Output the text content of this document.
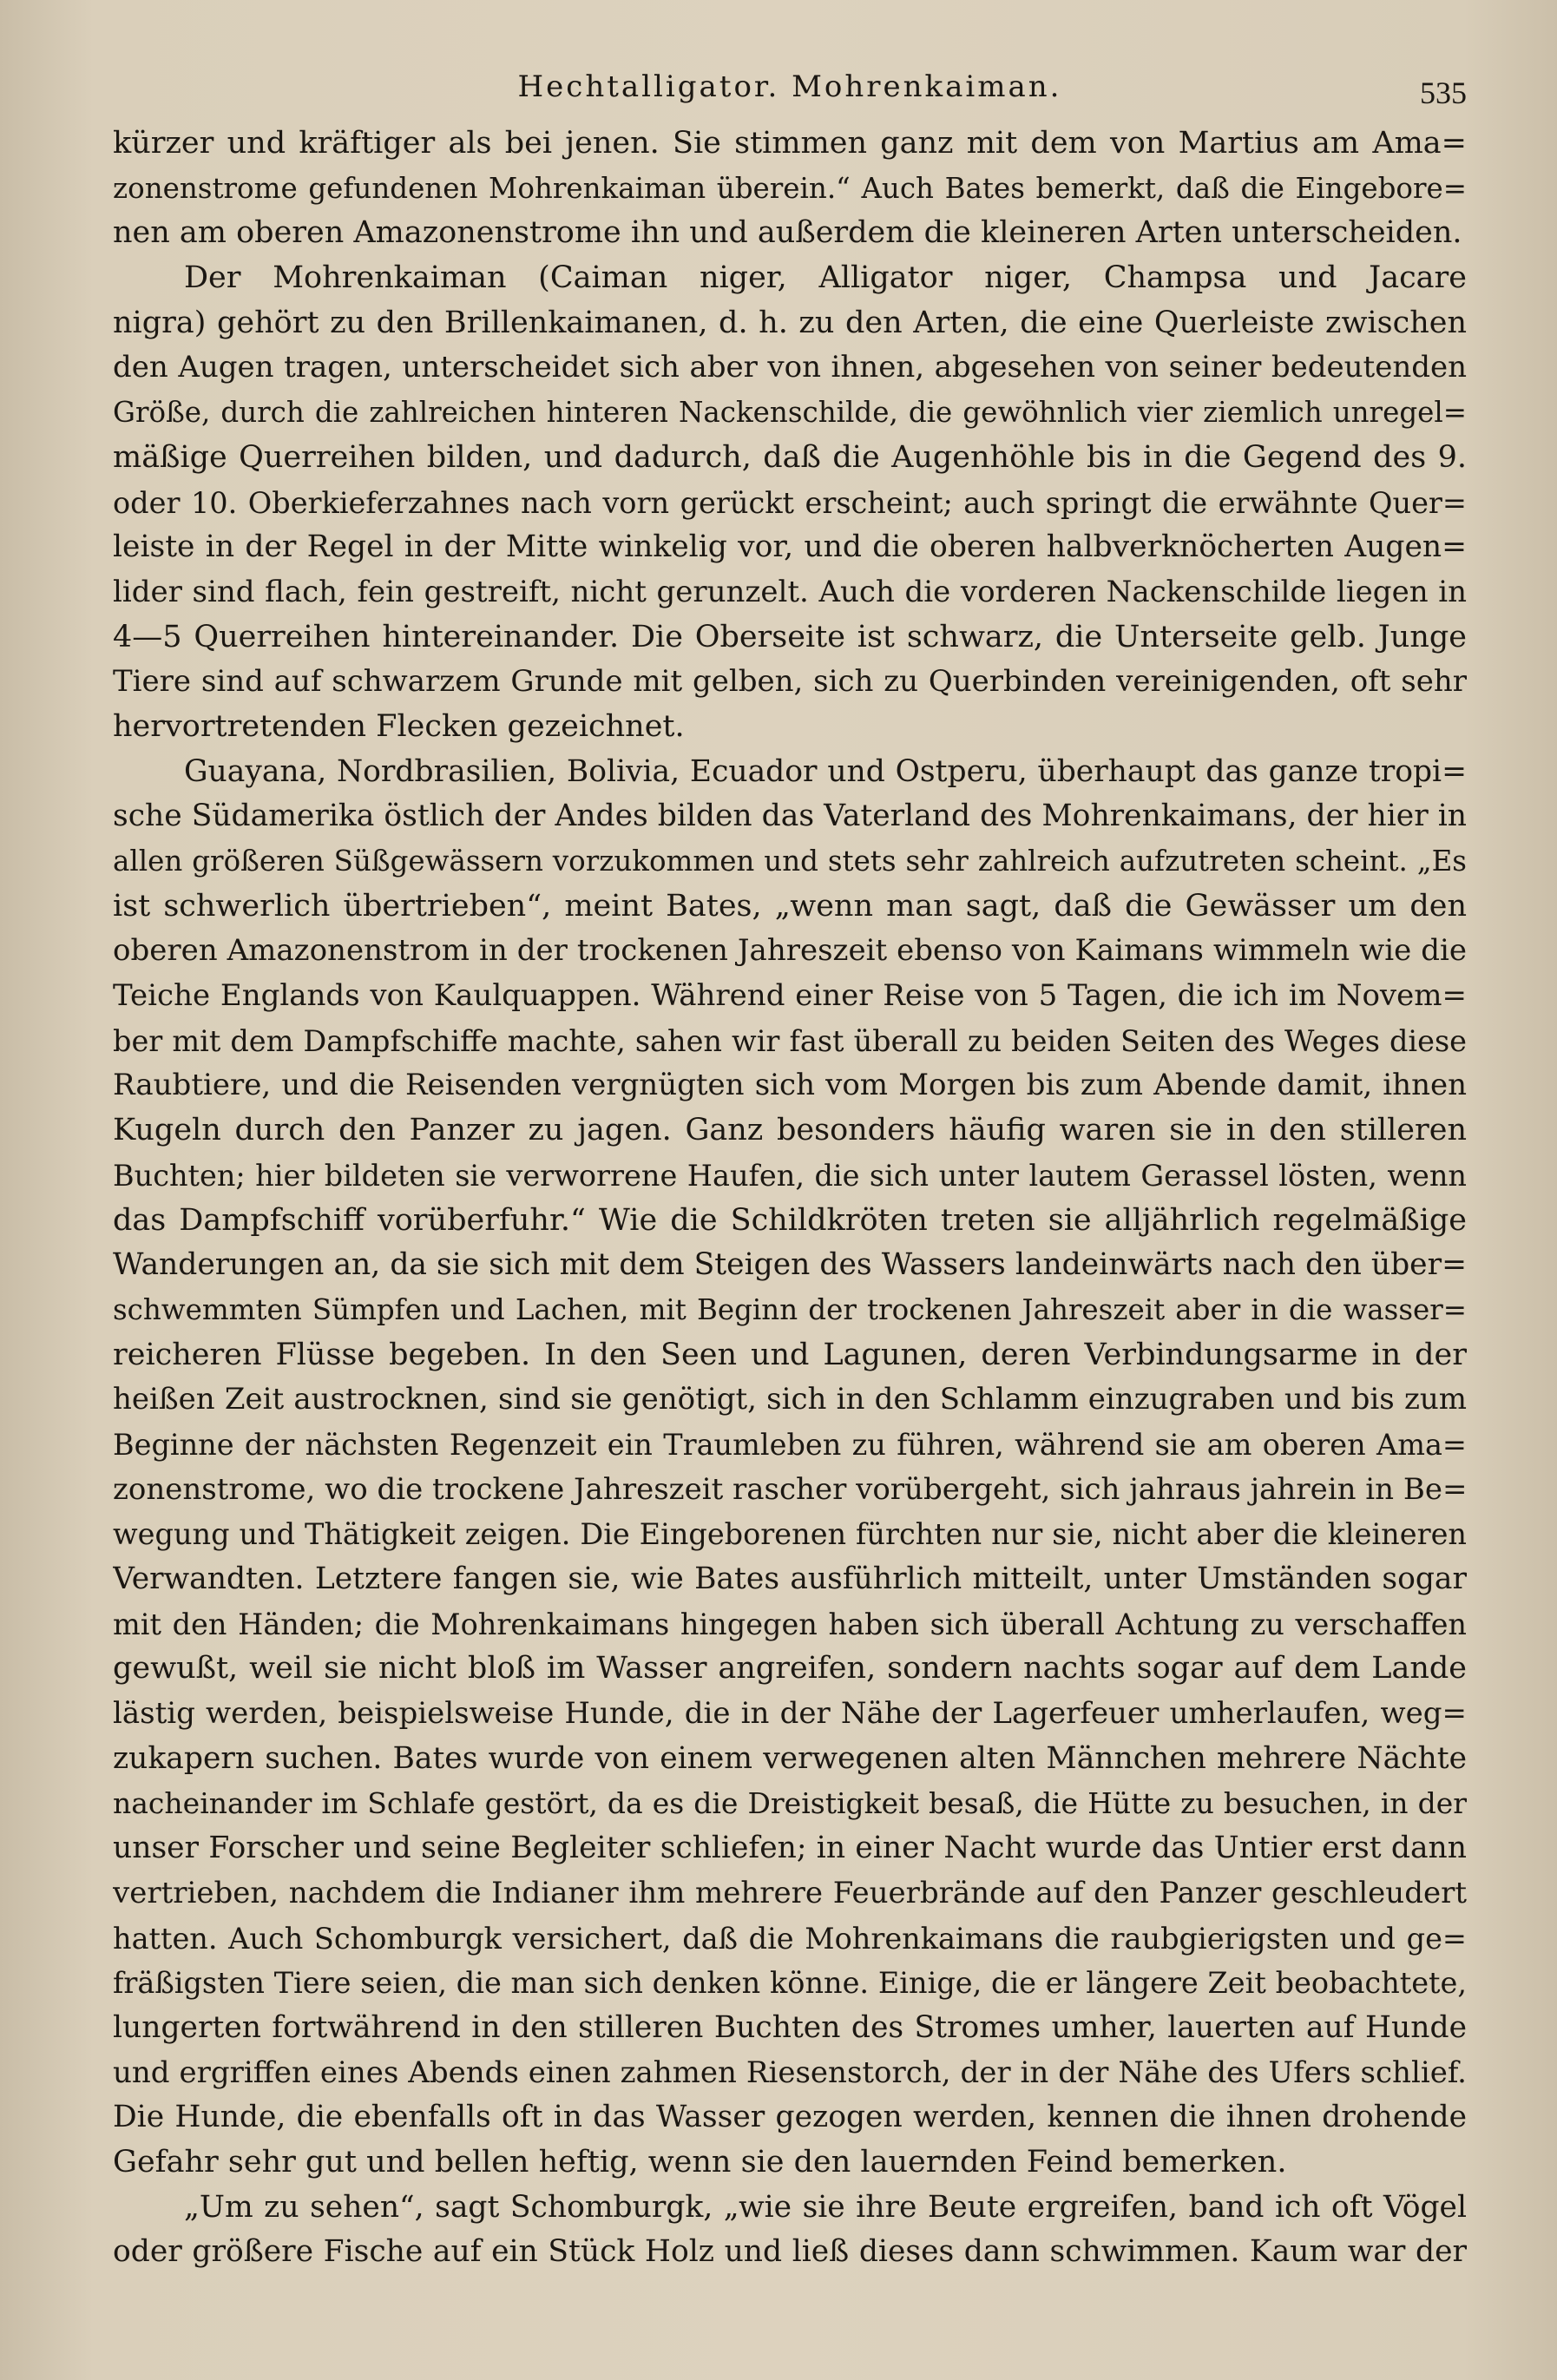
Hechtalligator. Mohrenkaiman.	535
kürzer und kräftiger als bei jenen. Sie stimmen ganz mit dem von Martius am Ama=
zonenstrome gefundenen Mohrenkaiman überein.“ Auch Bates bemerkt, daß die Eingebore=
nen am oberen Amazonenstrome ihn und außerdem die kleineren Arten unterscheiden.
Der Mohrenkaiman (Caiman niger, Alligator niger, Champsa und Jacare
nigra) gehört zu den Brillenkaimanen, d. h. zu den Arten, die eine Querleiste zwischen
den Augen tragen, unterscheidet sich aber von ihnen, abgesehen von seiner bedeutenden
Größe, durch die zahlreichen hinteren Nackenschilde, die gewöhnlich vier ziemlich unregel=
mäßige Querreihen bilden, und dadurch, daß die Augenhöhle bis in die Gegend des 9.
oder 10. Oberkieferzahnes nach vorn gerückt erscheint; auch springt die erwähnte Quer=
leiste in der Regel in der Mitte winkelig vor, und die oberen halbverknöcherten Augen=
lider sind flach, fein gestreift, nicht gerunzelt. Auch die vorderen Nackenschilde liegen in
4—5 Querreihen hintereinander. Die Oberseite ist schwarz, die Unterseite gelb. Junge
Tiere sind auf schwarzem Grunde mit gelben, sich zu Querbinden vereinigenden, oft sehr
hervortretenden Flecken gezeichnet.
Guayana, Nordbrasilien, Bolivia, Ecuador und Ostperu, überhaupt das ganze tropi=
sche Südamerika östlich der Andes bilden das Vaterland des Mohrenkaimans, der hier in
allen größeren Süßgewässern vorzukommen und stets sehr zahlreich aufzutreten scheint. „Es
ist schwerlich übertrieben“, meint Bates, „wenn man sagt, daß die Gewässer um den
oberen Amazonenstrom in der trockenen Jahreszeit ebenso von Kaimans wimmeln wie die
Teiche Englands von Kaulquappen. Während einer Reise von 5 Tagen, die ich im Novem=
ber mit dem Dampfschiffe machte, sahen wir fast überall zu beiden Seiten des Weges diese
Raubtiere, und die Reisenden vergnügten sich vom Morgen bis zum Abende damit, ihnen
Kugeln durch den Panzer zu jagen. Ganz besonders häufig waren sie in den stilleren
Buchten; hier bildeten sie verworrene Haufen, die sich unter lautem Gerassel lösten, wenn
das Dampfschiff vorüberfuhr.“ Wie die Schildkröten treten sie alljährlich regelmäßige
Wanderungen an, da sie sich mit dem Steigen des Wassers landeinwärts nach den über=
schwemmten Sümpfen und Lachen, mit Beginn der trockenen Jahreszeit aber in die wasser=
reicheren Flüsse begeben. In den Seen und Lagunen, deren Verbindungsarme in der
heißen Zeit austrocknen, sind sie genötigt, sich in den Schlamm einzugraben und bis zum
Beginne der nächsten Regenzeit ein Traumleben zu führen, während sie am oberen Ama=
zonenstrome, wo die trockene Jahreszeit rascher vorübergeht, sich jahraus jahrein in Be=
wegung und Thätigkeit zeigen. Die Eingeborenen fürchten nur sie, nicht aber die kleineren
Verwandten. Letztere fangen sie, wie Bates ausführlich mitteilt, unter Umständen sogar
mit den Händen; die Mohrenkaimans hingegen haben sich überall Achtung zu verschaffen
gewußt, weil sie nicht bloß im Wasser angreifen, sondern nachts sogar auf dem Lande
lästig werden, beispielsweise Hunde, die in der Nähe der Lagerfeuer umherlaufen, weg=
zukapern suchen. Bates wurde von einem verwegenen alten Männchen mehrere Nächte
nacheinander im Schlafe gestört, da es die Dreistigkeit besaß, die Hütte zu besuchen, in der
unser Forscher und seine Begleiter schliefen; in einer Nacht wurde das Untier erst dann
vertrieben, nachdem die Indianer ihm mehrere Feuerbrände auf den Panzer geschleudert
hatten. Auch Schomburgk versichert, daß die Mohrenkaimans die raubgierigsten und ge=
fräßigsten Tiere seien, die man sich denken könne. Einige, die er längere Zeit beobachtete,
lungerten fortwährend in den stilleren Buchten des Stromes umher, lauerten auf Hunde
und ergriffen eines Abends einen zahmen Riesenstorch, der in der Nähe des Ufers schlief.
Die Hunde, die ebenfalls oft in das Wasser gezogen werden, kennen die ihnen drohende
Gefahr sehr gut und bellen heftig, wenn sie den lauernden Feind bemerken.
„Um zu sehen“, sagt Schomburgk, „wie sie ihre Beute ergreifen, band ich oft Vögel
oder größere Fische auf ein Stück Holz und ließ dieses dann schwimmen. Kaum war der
